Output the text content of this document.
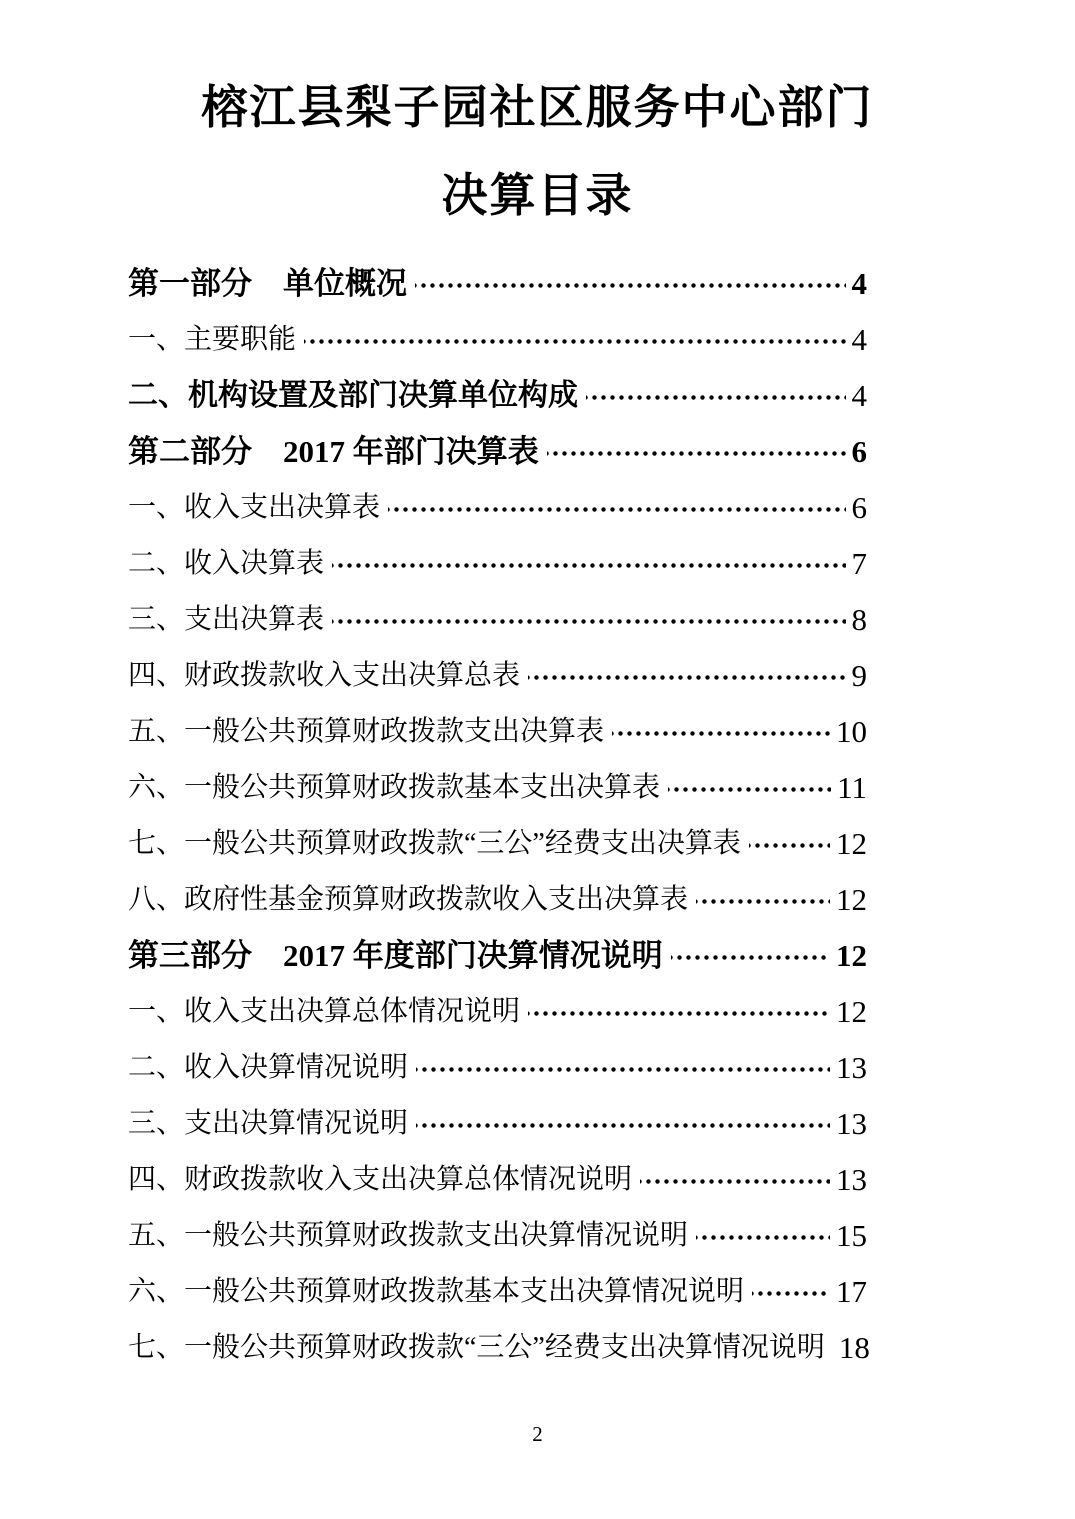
榕江县梨子园社区服务中心部门
决算目录
第一部分　单位概况	4
一、主要职能	4
二、机构设置及部门决算单位构成	4
第二部分　2017 年部门决算表	6
一、收入支出决算表	6
二、收入决算表	7
三、支出决算表	8
四、财政拨款收入支出决算总表	9
五、一般公共预算财政拨款支出决算表	10
六、一般公共预算财政拨款基本支出决算表	11
七、一般公共预算财政拨款“三公”经费支出决算表	12
八、政府性基金预算财政拨款收入支出决算表	12
第三部分　2017 年度部门决算情况说明	12
一、收入支出决算总体情况说明	12
二、收入决算情况说明	13
三、支出决算情况说明	13
四、财政拨款收入支出决算总体情况说明	13
五、一般公共预算财政拨款支出决算情况说明	15
六、一般公共预算财政拨款基本支出决算情况说明	17
七、一般公共预算财政拨款“三公”经费支出决算情况说明 18
2
